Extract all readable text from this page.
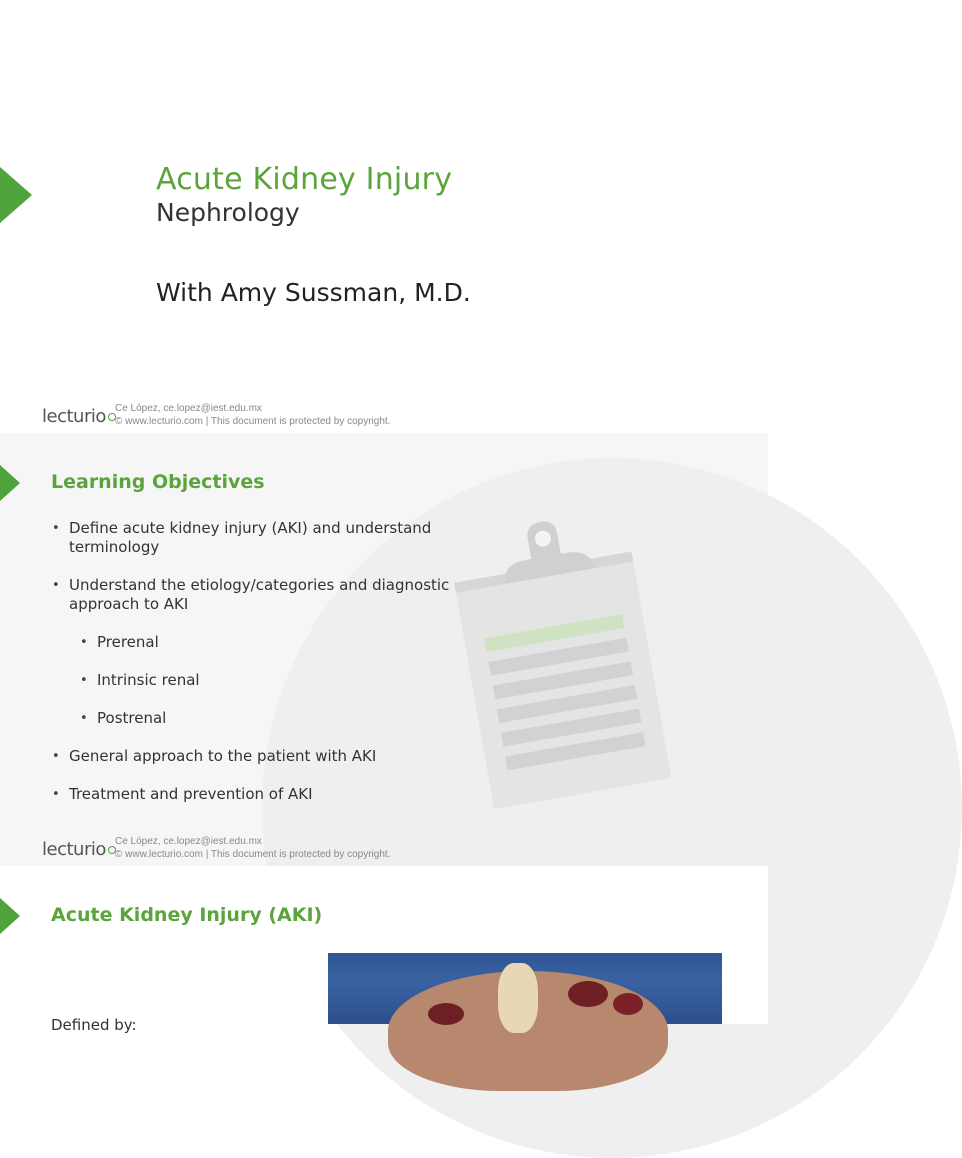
Acute Kidney Injury
Nephrology
With Amy Sussman, M.D.
lecturio Ce López, ce.lopez@iest.edu.mx
© www.lecturio.com | This document is protected by copyright.
Learning Objectives
• Define acute kidney injury (AKI) and understand terminology
• Understand the etiology/categories and diagnostic approach to AKI
• Prerenal
• Intrinsic renal
• Postrenal
• General approach to the patient with AKI
• Treatment and prevention of AKI
lecturio Ce López, ce.lopez@iest.edu.mx
© www.lecturio.com | This document is protected by copyright.
Acute Kidney Injury (AKI)
Defined by:
